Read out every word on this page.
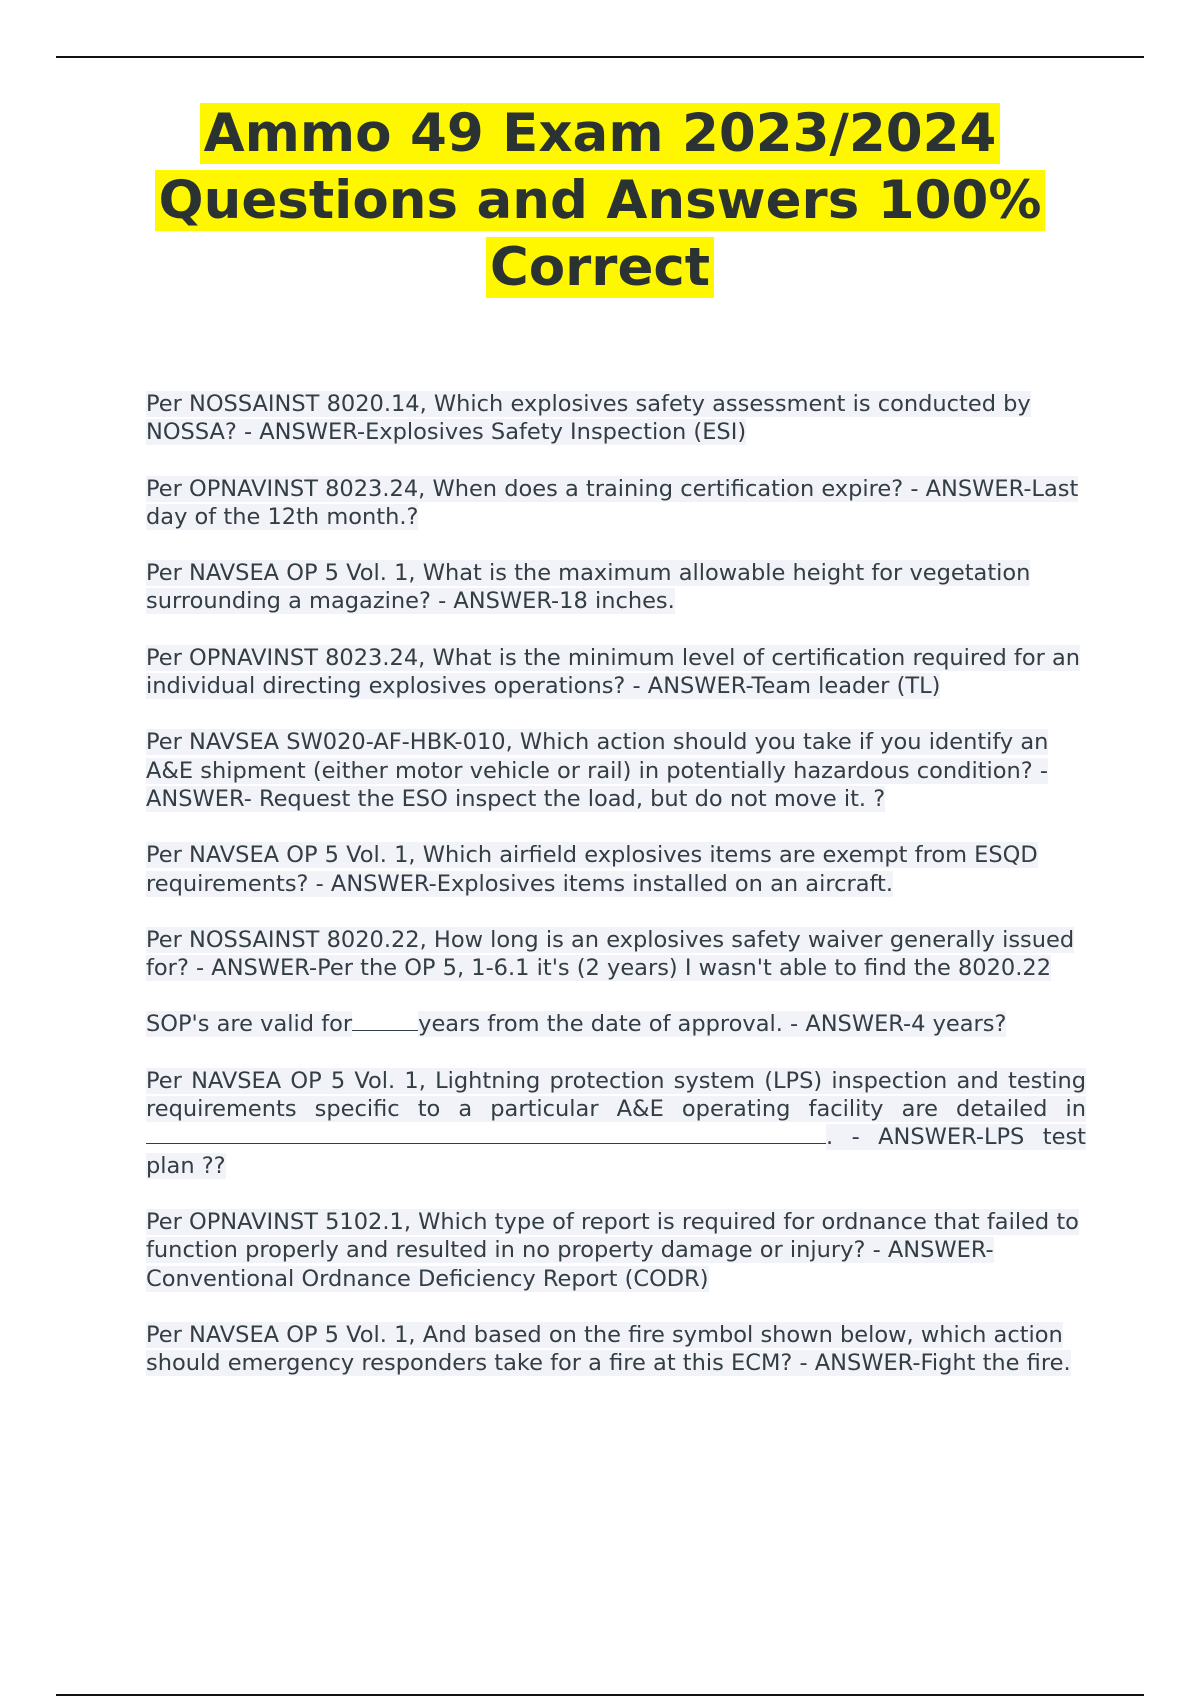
Ammo 49 Exam 2023/2024
Questions and Answers 100%
Correct

Per NOSSAINST 8020.14, Which explosives safety assessment is conducted by NOSSA? - ANSWER-Explosives Safety Inspection (ESI)

Per OPNAVINST 8023.24, When does a training certification expire? - ANSWER-Last day of the 12th month.?

Per NAVSEA OP 5 Vol. 1, What is the maximum allowable height for vegetation surrounding a magazine? - ANSWER-18 inches.

Per OPNAVINST 8023.24, What is the minimum level of certification required for an individual directing explosives operations? - ANSWER-Team leader (TL)

Per NAVSEA SW020-AF-HBK-010, Which action should you take if you identify an A&E shipment (either motor vehicle or rail) in potentially hazardous condition? - ANSWER- Request the ESO inspect the load, but do not move it. ?

Per NAVSEA OP 5 Vol. 1, Which airfield explosives items are exempt from ESQD requirements? - ANSWER-Explosives items installed on an aircraft.

Per NOSSAINST 8020.22, How long is an explosives safety waiver generally issued for? - ANSWER-Per the OP 5, 1-6.1 it's (2 years) I wasn't able to find the 8020.22

SOP's are valid for	years from the date of approval. - ANSWER-4 years?

Per NAVSEA OP 5 Vol. 1, Lightning protection system (LPS) inspection and testing requirements specific to a particular A&E operating facility are detailed in . - ANSWER-LPS test plan ??

Per OPNAVINST 5102.1, Which type of report is required for ordnance that failed to function properly and resulted in no property damage or injury? - ANSWER- Conventional Ordnance Deficiency Report (CODR)

Per NAVSEA OP 5 Vol. 1, And based on the fire symbol shown below, which action should emergency responders take for a fire at this ECM? - ANSWER-Fight the fire.
